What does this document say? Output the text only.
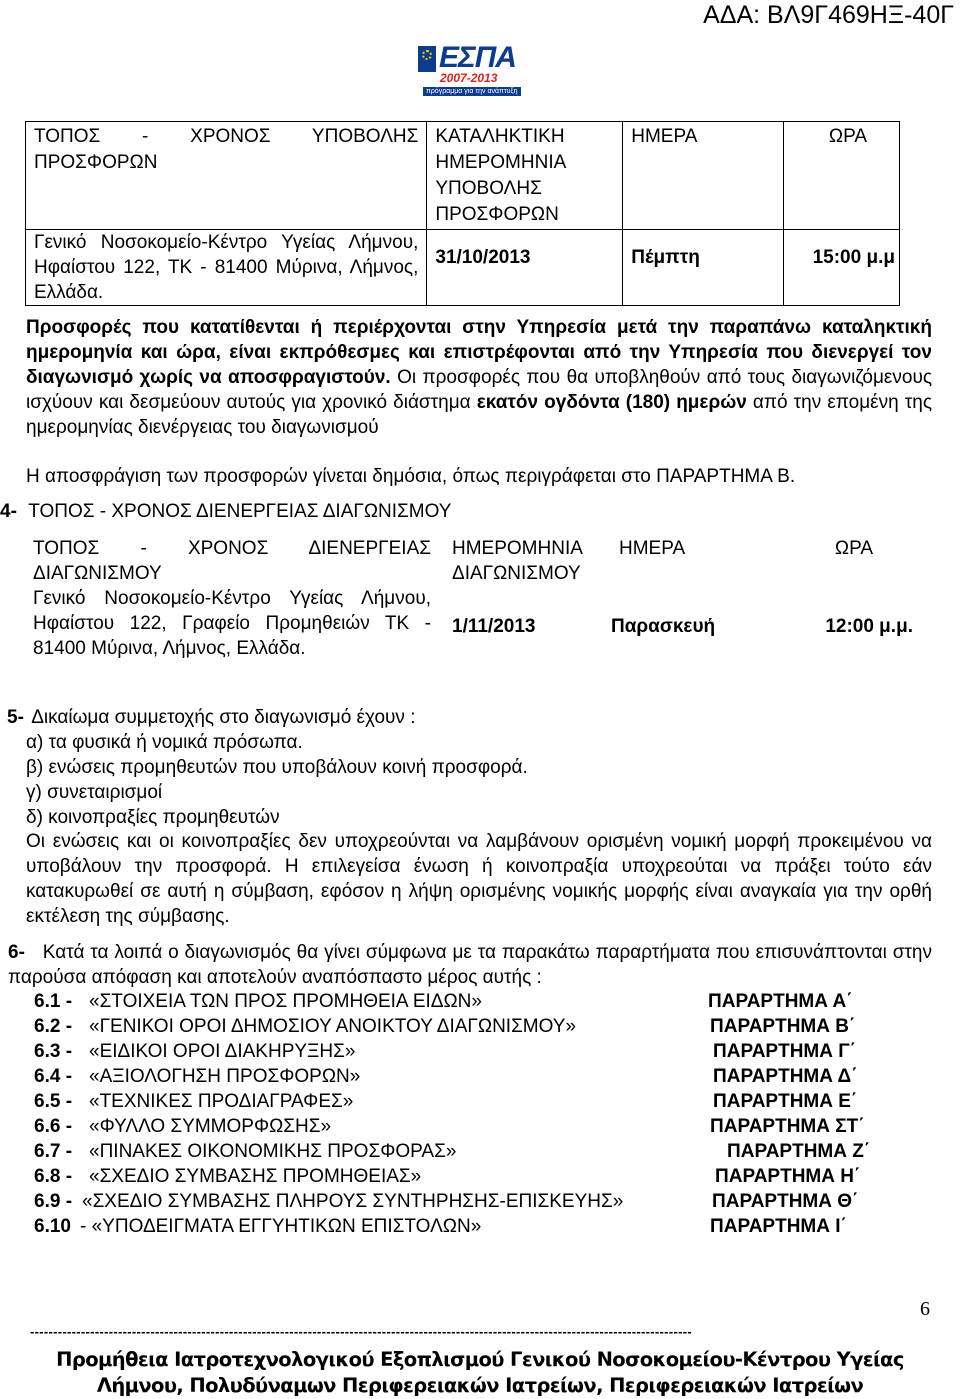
ΑΔΑ: ΒΛ9Γ469ΗΞ-40Γ
ΕΣΠΑ
2007-2013
πρόγραμμα για την ανάπτυξη
ΤΟΠΟΣ - ΧΡΟΝΟΣ ΥΠΟΒΟΛΗΣ ΠΡΟΣΦΟΡΩΝ	ΚΑΤΑΛΗΚΤΙΚΗ ΗΜΕΡΟΜΗΝΙΑ ΥΠΟΒΟΛΗΣ ΠΡΟΣΦΟΡΩΝ	ΗΜΕΡΑ	ΩΡΑ

Γενικό Νοσοκομείο-Κέντρο Υγείας Λήμνου, Ηφαίστου 122, ΤΚ - 81400 Μύρινα, Λήμνος, Ελλάδα.	31/10/2013	Πέμπτη	15:00 μ.μ
Προσφορές που κατατίθενται ή περιέρχονται στην Υπηρεσία μετά την παραπάνω καταληκτική ημερομηνία και ώρα, είναι εκπρόθεσμες και επιστρέφονται από την Υπηρεσία που διενεργεί τον διαγωνισμό χωρίς να αποσφραγιστούν. Οι προσφορές που θα υποβληθούν από τους διαγωνιζόμενους ισχύουν και δεσμεύουν αυτούς για χρονικό διάστημα εκατόν ογδόντα (180) ημερών από την επομένη της ημερομηνίας διενέργειας του διαγωνισμού
Η αποσφράγιση των προσφορών γίνεται δημόσια, όπως περιγράφεται στο ΠΑΡΑΡΤΗΜΑ Β.
4- ΤΟΠΟΣ - ΧΡΟΝΟΣ ΔΙΕΝΕΡΓΕΙΑΣ ΔΙΑΓΩΝΙΣΜΟΥ
ΤΟΠΟΣ - ΧΡΟΝΟΣ ΔΙΕΝΕΡΓΕΙΑΣ ΔΙΑΓΩΝΙΣΜΟΥ	ΗΜΕΡΟΜΗΝΙΑ ΔΙΑΓΩΝΙΣΜΟΥ	ΗΜΕΡΑ	ΩΡΑ

Γενικό Νοσοκομείο-Κέντρο Υγείας Λήμνου, Ηφαίστου 122, Γραφείο Προμηθειών ΤΚ - 81400 Μύρινα, Λήμνος, Ελλάδα.	1/11/2013	Παρασκευή	12:00 μ.μ.
5- Δικαίωμα συμμετοχής στο διαγωνισμό έχουν :
α) τα φυσικά ή νομικά πρόσωπα.
β) ενώσεις προμηθευτών που υποβάλουν κοινή προσφορά.
γ) συνεταιρισμοί
δ) κοινοπραξίες προμηθευτών
Οι ενώσεις και οι κοινοπραξίες δεν υποχρεούνται να λαμβάνουν ορισμένη νομική μορφή προκειμένου να υποβάλουν την προσφορά. Η επιλεγείσα ένωση ή κοινοπραξία υποχρεούται να πράξει τούτο εάν κατακυρωθεί σε αυτή η σύμβαση, εφόσον η λήψη ορισμένης νομικής μορφής είναι αναγκαία για την ορθή εκτέλεση της σύμβασης.
6- Κατά τα λοιπά ο διαγωνισμός θα γίνει σύμφωνα με τα παρακάτω παραρτήματα που επισυνάπτονται στην παρούσα απόφαση και αποτελούν αναπόσπαστο μέρος αυτής :
6.1 - «ΣΤΟΙΧΕΙΑ ΤΩΝ ΠΡΟΣ ΠΡΟΜΗΘΕΙΑ ΕΙΔΩΝ»	ΠΑΡΑΡΤΗΜΑ Α΄
6.2 - «ΓΕΝΙΚΟΙ ΟΡΟΙ ΔΗΜΟΣΙΟΥ ΑΝΟΙΚΤΟΥ ΔΙΑΓΩΝΙΣΜΟΥ»	ΠΑΡΑΡΤΗΜΑ Β΄
6.3 - «ΕΙΔΙΚΟΙ ΟΡΟΙ ΔΙΑΚΗΡΥΞΗΣ»	ΠΑΡΑΡΤΗΜΑ Γ΄
6.4 - «ΑΞΙΟΛΟΓΗΣΗ ΠΡΟΣΦΟΡΩΝ»	ΠΑΡΑΡΤΗΜΑ Δ΄
6.5 - «ΤΕΧΝΙΚΕΣ ΠΡΟΔΙΑΓΡΑΦΕΣ»	ΠΑΡΑΡΤΗΜΑ Ε΄
6.6 - «ΦΥΛΛΟ ΣΥΜΜΟΡΦΩΣΗΣ»	ΠΑΡΑΡΤΗΜΑ ΣΤ΄
6.7 - «ΠΙΝΑΚΕΣ ΟΙΚΟΝΟΜΙΚΗΣ ΠΡΟΣΦΟΡΑΣ»	ΠΑΡΑΡΤΗΜΑ Ζ΄
6.8 - «ΣΧΕΔΙΟ ΣΥΜΒΑΣΗΣ ΠΡΟΜΗΘΕΙΑΣ»	ΠΑΡΑΡΤΗΜΑ Η΄
6.9 - «ΣΧΕΔΙΟ ΣΥΜΒΑΣΗΣ ΠΛΗΡΟΥΣ ΣΥΝΤΗΡΗΣΗΣ-ΕΠΙΣΚΕΥΗΣ»	ΠΑΡΑΡΤΗΜΑ Θ΄
6.10 - «ΥΠΟΔΕΙΓΜΑΤΑ ΕΓΓΥΗΤΙΚΩΝ ΕΠΙΣΤΟΛΩΝ»	ΠΑΡΑΡΤΗΜΑ Ι΄
6
-----------------------------------------------------------------------------------------------------------------------------------------------
Προμήθεια Ιατροτεχνολογικού Εξοπλισμού Γενικού Νοσοκομείου-Κέντρου Υγείας
Λήμνου, Πολυδύναμων Περιφερειακών Ιατρείων, Περιφερειακών Ιατρείων
